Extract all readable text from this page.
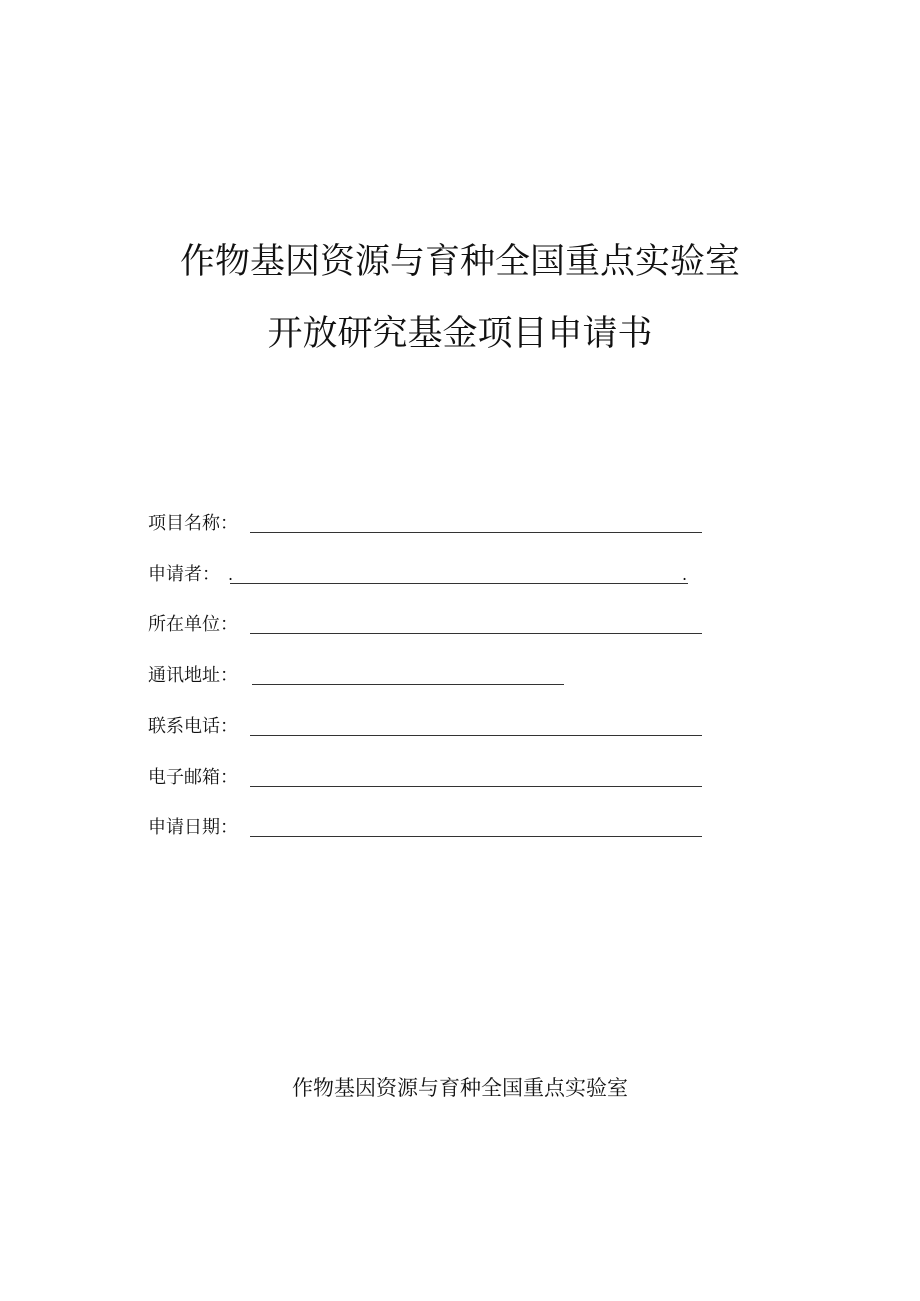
作物基因资源与育种全国重点实验室
开放研究基金项目申请书
项目名称：
申请者： .	.
所在单位：
通讯地址：
联系电话：
电子邮箱：
申请日期：
作物基因资源与育种全国重点实验室
